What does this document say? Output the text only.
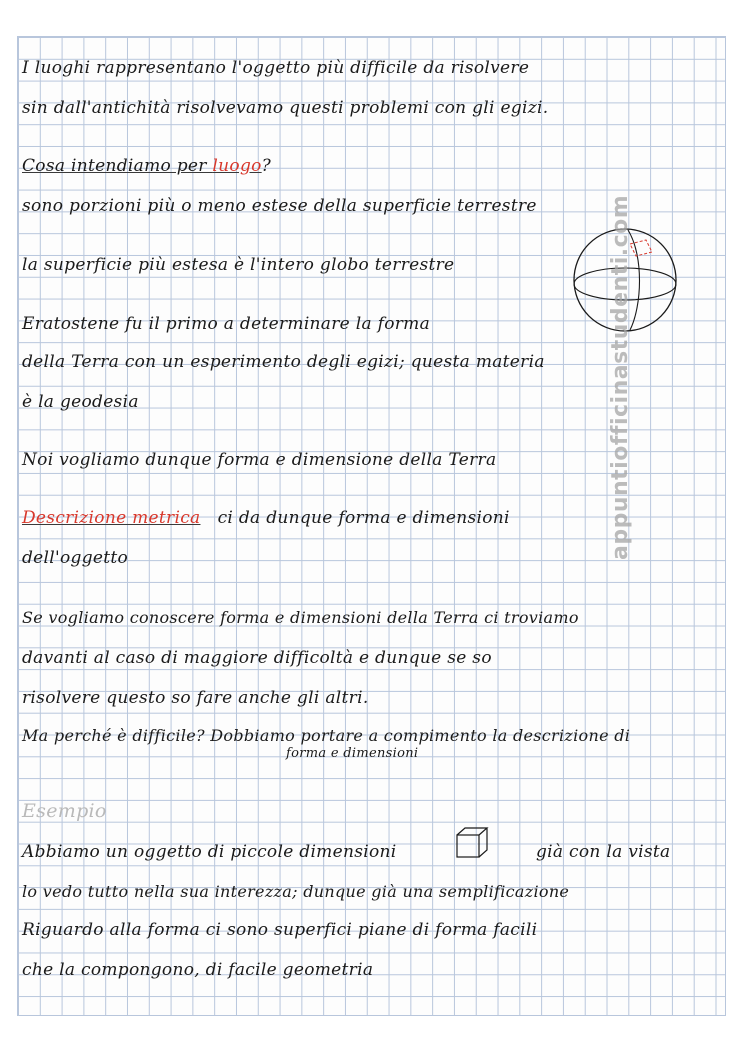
I luoghi rappresentano l'oggetto più difficile da risolvere
sin dall'antichità risolvevamo questi problemi con gli egizi.
Cosa intendiamo per luogo?
sono porzioni più o meno estese della superficie terrestre
la superficie più estesa è l'intero globo terrestre
Eratostene fu il primo a determinare la forma
della Terra con un esperimento degli egizi; questa materia
è la geodesia
Noi vogliamo dunque forma e dimensione della Terra
Descrizione metrica ci da dunque forma e dimensioni
dell'oggetto
Se vogliamo conoscere forma e dimensioni della Terra ci troviamo
davanti al caso di maggiore difficoltà e dunque se so
risolvere questo so fare anche gli altri.
Ma perché è difficile? Dobbiamo portare a compimento la descrizione di
forma e dimensioni
Esempio
Abbiamo un oggetto di piccole dimensioni	già con la vista
lo vedo tutto nella sua interezza; dunque già una semplificazione
Riguardo alla forma ci sono superfici piane di forma facili
che la compongono, di facile geometria
appuntiofficinastudenti.com
